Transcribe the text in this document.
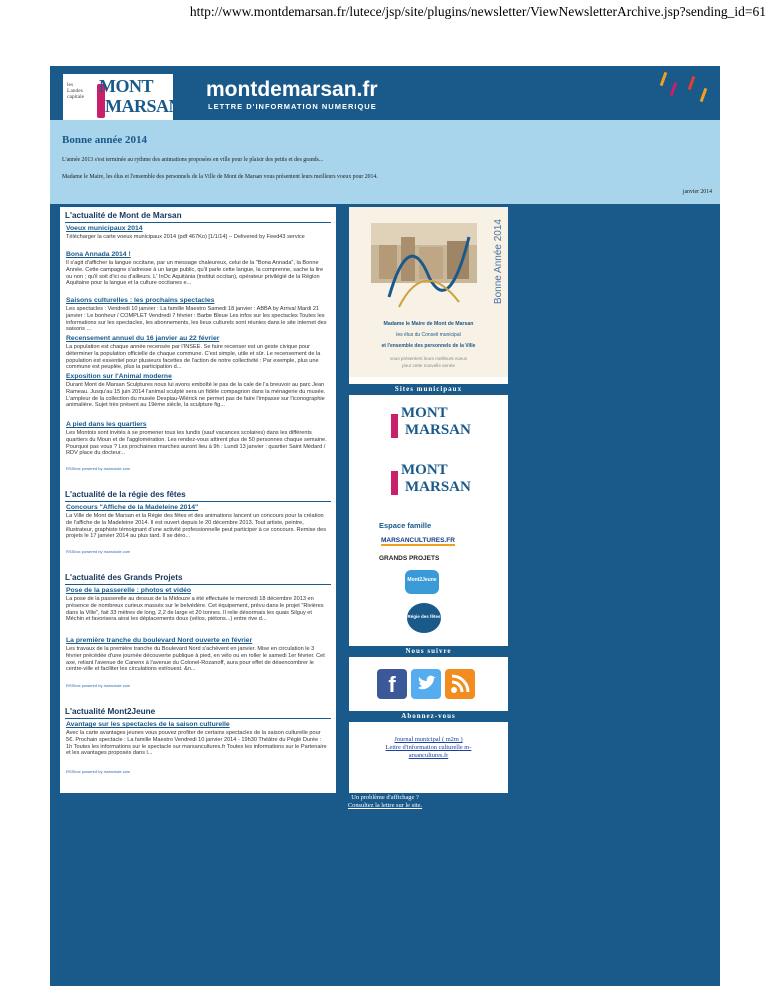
http://www.montdemarsan.fr/lutece/jsp/site/plugins/newsletter/ViewNewsletterArchive.jsp?sending_id=61
les
Landes
capitale
MONT
MARSAN
montdemarsan.fr
LETTRE D'INFORMATION NUMERIQUE
Bonne année 2014
L'année 2013 s'est terminée au rythme des animations proposées en ville pour le plaisir des petits et des grands...
Madame le Maire, les élus et l'ensemble des personnels de la Ville de Mont de Marsan vous présentent leurs meilleurs voeux pour 2014.
janvier 2014
L'actualité de Mont de Marsan
Voeux municipaux 2014
Télécharger la carte voeux municipaux 2014 (pdf 467Ko) [1/1/14] -- Delivered by Feed43 service
Bona Annada 2014 !
Il s'agit d'afficher la langue occitane, par un message chaleureux, celui de la "Bona Annada", la Bonne Année. Cette campagne s'adresse à un large public, qu'il parle cette langue, la comprenne, sache la lire ou non ; qu'il soit d'ici ou d'ailleurs. L' InOc Aquitània (institut occitan), opérateur privilégié de la Région Aquitaine pour la langue et la culture occitanes e...
Saisons culturelles : les prochains spectacles
Les spectacles : Vendredi 10 janvier : La famille Maestro Samedi 18 janvier : ABBA by Arrival Mardi 21 janvier : Le bonheur / COMPLET Vendredi 7 février : Barbe Bleue Les infos sur les spectacles Toutes les informations sur les spectacles, les abonnements, les lieux culturels sont réunies dans le site internet des saisons ...
Recensement annuel du 16 janvier au 22 février
La population est chaque année recensée par l'INSEE. Se faire recenser est un geste civique pour déterminer la population officielle de chaque commune. C'est simple, utile et sûr. Le recensement de la population est essentiel pour plusieurs facettes de l'action de notre collectivité : Par exemple, plus une commune est peuplée, plus la participation d...
Exposition sur l'Animal moderne
Durant Mont de Marsan Sculptures nous lui avons emboîté le pas de la cale de l'a breuvoir au parc Jean Rameau. Jusqu'au 15 juin 2014 l'animal sculpté sera un fidèle compagnon dans la ménagerie du musée. L'ampleur de la collection du musée Despiau-Wlérick ne permet pas de faire l'impasse sur l'iconographie animalière. Sujet très présent au 19ème siècle, la sculpture fig...
A pied dans les quartiers
Les Montois sont invités à se promener tous les lundis (sauf vacances scolaires) dans les différents quartiers du Moun et de l'agglomération. Les rendez-vous attirent plus de 50 personnes chaque semaine. Pourquoi pas vous ? Les prochaines marches auront lieu à 9h : Lundi 13 janvier : quartier Saint Médard / RDV place du docteur...
RSSbox powered by rssinclude.com
L'actualité de la régie des fêtes
Concours "Affiche de la Madeleine 2014"
La Ville de Mont de Marsan et la Régie des fêtes et des animations lancent un concours pour la création de l'affiche de la Madeleine 2014. Il est ouvert depuis le 20 décembre 2013. Tout artiste, peintre, illustrateur, graphiste témoignant d'une activité professionnelle peut participer à ce concours. Remise des projets le 17 janvier 2014 au plus tard. Il se déro...
RSSbox powered by rssinclude.com
L'actualité des Grands Projets
Pose de la passerelle : photos et vidéo
La pose de la passerelle au dessus de la Midouze a été effectuée le mercredi 18 décembre 2013 en présence de nombreux curieux massés sur le belvédère. Cet équipement, prévu dans le projet "Rivières dans la Ville", fait 33 mètres de long, 2,2 de large et 20 tonnes. Il relie désormais les quais Silguy et Méchin et favorisera ainsi les déplacements doux (vélos, piétons...) entre rive d...
La première tranche du boulevard Nord ouverte en février
Les travaux de la première tranche du Boulevard Nord s'achèvent en janvier. Mise en circulation le 3 février précédée d'une journée découverte publique à pied, en vélo ou en roller le samedi 1er février. Cet axe, reliant l'avenue de Canenx à l'avenue du Colonel-Rozanoff, aura pour effet de désencombrer le centre-ville et faciliter les circulations est/ouest. &n...
RSSbox powered by rssinclude.com
L'actualité Mont2Jeune
Avantage sur les spectacles de la saison culturelle
Avec la carte avantages jeunes vous pouvez profiter de certains spectacles de la saison culturelle pour 5€. Prochain spectacle : La famille Maestro Vendredi 10 janvier 2014 - 19h30 Théâtre du Péglé Durée : 1h Toutes les informations sur le spectacle sur marsancultures.fr Toutes les informations sur le Partenaire et les avantages proposés dans l...
RSSbox powered by rssinclude.com
Bonne Année 2014
Madame le Maire de Mont de Marsan
les élus du Conseil municipal
et l'ensemble des personnels de la Ville
vous présentent leurs meilleurs voeux
pour cette nouvelle année
Sites municipaux
MONT
MARSAN
MONT
MARSAN
Espace famille
MARSANCULTURES.FR
GRANDS PROJETS
Mont2Jeune
Régie des fêtes
Nous suivre
f
Abonnez-vous
Journal municipal ( m2m )
Lettre d'information culturelle m-arsancultures.fr
Un problème d'affichage ?
Consultez la lettre sur le site.
